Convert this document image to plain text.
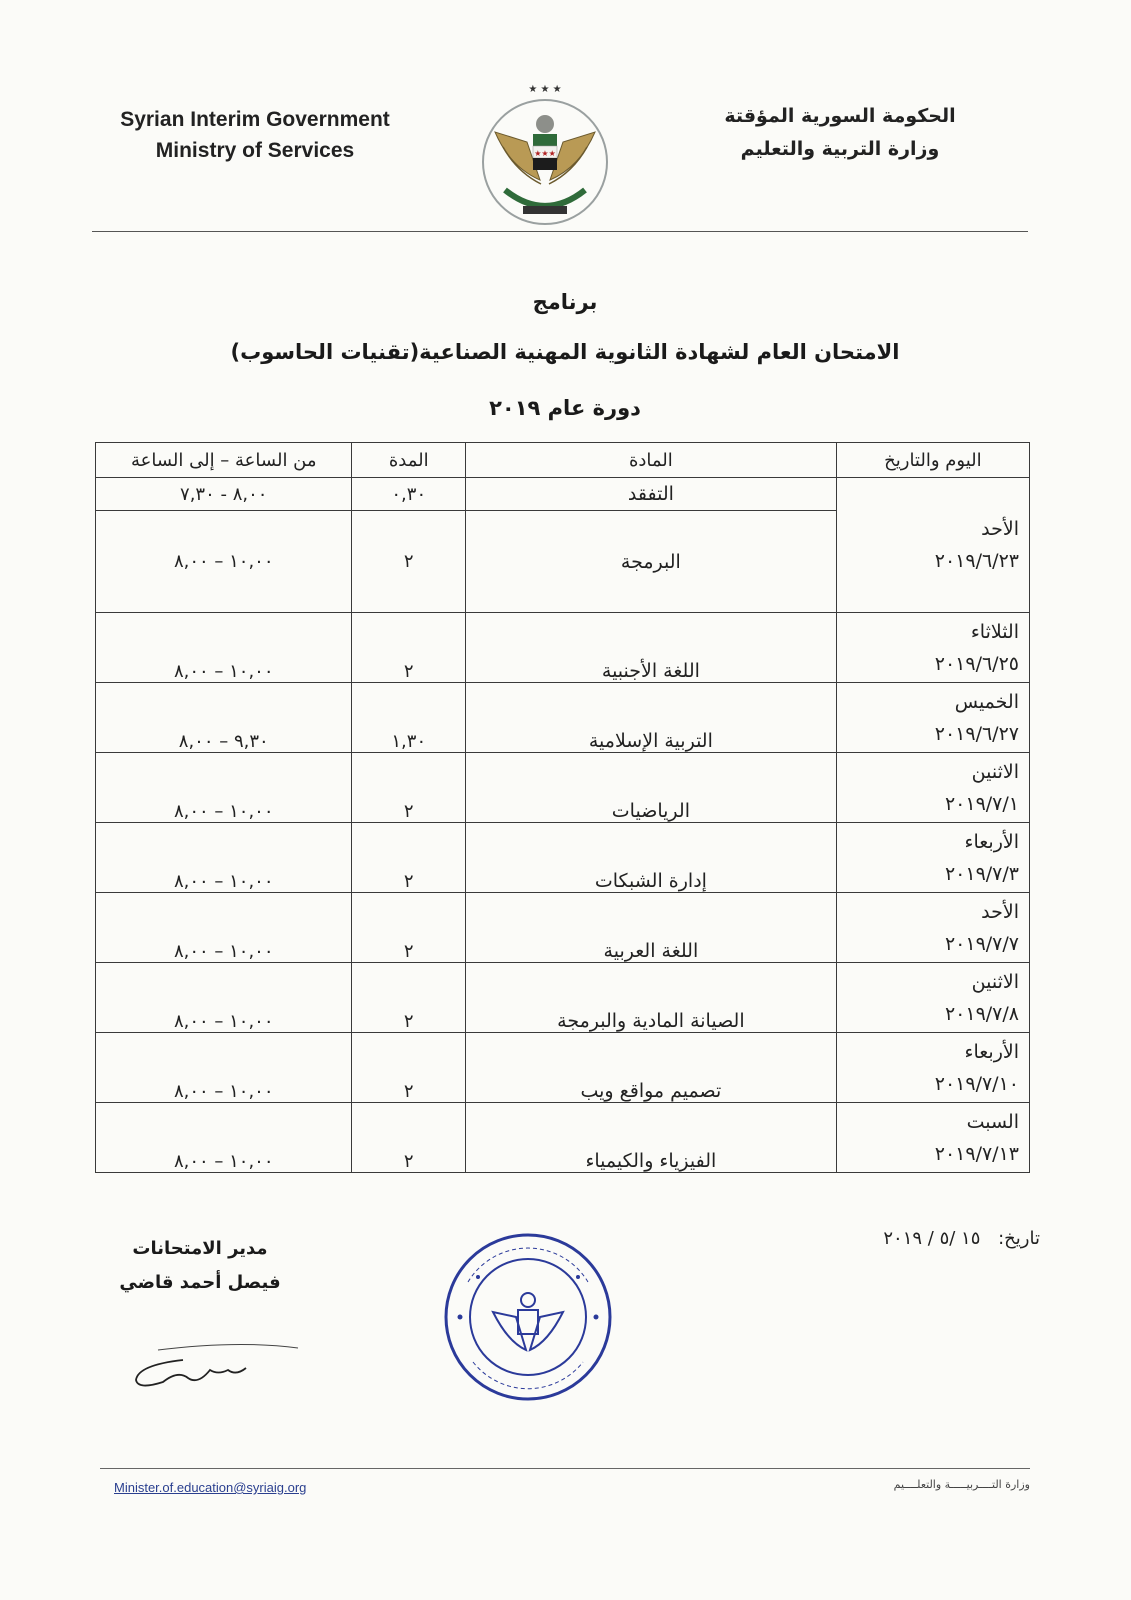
Syrian Interim Government
Ministry of Services
★ ★ ★
★★★
الحكومة السورية المؤقتة
وزارة التربية والتعليم
برنامج
الامتحان العام لشهادة الثانوية المهنية الصناعية(تقنيات الحاسوب)
دورة عام ٢٠١٩
اليوم والتاريخ	المادة	المدة	من الساعة – إلى الساعة

الأحد
٢٠١٩/٦/٢٣	التفقد	٠,٣٠	٨,٠٠ - ٧,٣٠
	البرمجة	٢	١٠,٠٠ – ٨,٠٠

الثلاثاء
٢٠١٩/٦/٢٥	اللغة الأجنبية	٢	١٠,٠٠ – ٨,٠٠

الخميس
٢٠١٩/٦/٢٧	التربية الإسلامية	١,٣٠	٩,٣٠ – ٨,٠٠

الاثنين
٢٠١٩/٧/١	الرياضيات	٢	١٠,٠٠ – ٨,٠٠

الأربعاء
٢٠١٩/٧/٣	إدارة الشبكات	٢	١٠,٠٠ – ٨,٠٠

الأحد
٢٠١٩/٧/٧	اللغة العربية	٢	١٠,٠٠ – ٨,٠٠

الاثنين
٢٠١٩/٧/٨	الصيانة المادية والبرمجة	٢	١٠,٠٠ – ٨,٠٠

الأربعاء
٢٠١٩/٧/١٠	تصميم مواقع ويب	٢	١٠,٠٠ – ٨,٠٠

السبت
٢٠١٩/٧/١٣	الفيزياء والكيمياء	٢	١٠,٠٠ – ٨,٠٠
تاريخ: ١٥ /٥ / ٢٠١٩
مدير الامتحانات
فيصل أحمد قاضي
Minister.of.education@syriaig.org	وزارة التــــربيـــــة والتعلــــيم
